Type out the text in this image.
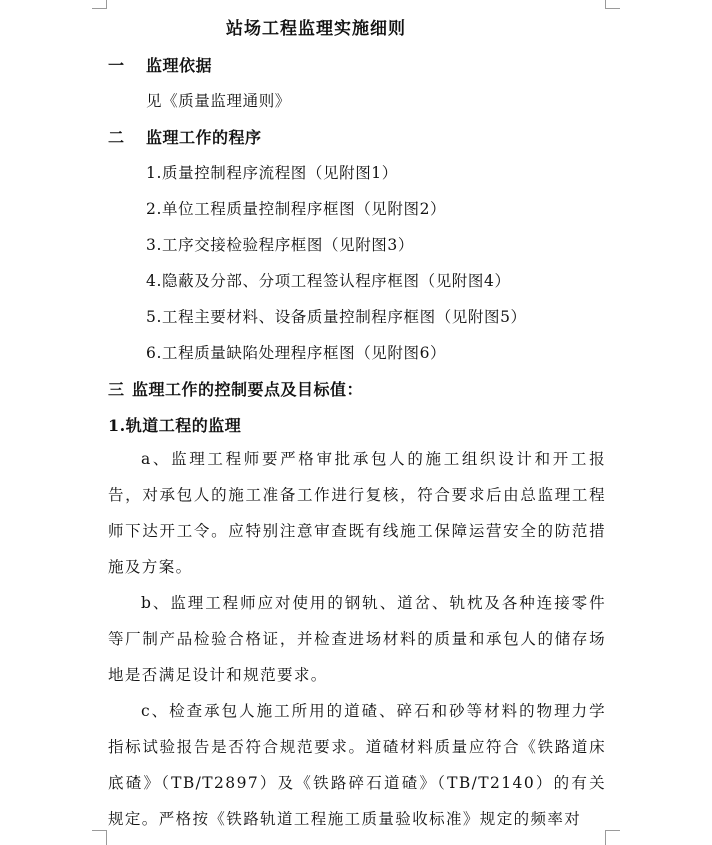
站场工程监理实施细则
一 监理依据
见《质量监理通则》
二 监理工作的程序
1.质量控制程序流程图（见附图1）
2.单位工程质量控制程序框图（见附图2）
3.工序交接检验程序框图（见附图3）
4.隐蔽及分部、分项工程签认程序框图（见附图4）
5.工程主要材料、设备质量控制程序框图（见附图5）
6.工程质量缺陷处理程序框图（见附图6）
三 监理工作的控制要点及目标值：
1.轨道工程的监理
a、监理工程师要严格审批承包人的施工组织设计和开工报告，对承包人的施工准备工作进行复核，符合要求后由总监理工程师下达开工令。应特别注意审查既有线施工保障运营安全的防范措施及方案。
b、监理工程师应对使用的钢轨、道岔、轨枕及各种连接零件等厂制产品检验合格证，并检查进场材料的质量和承包人的储存场地是否满足设计和规范要求。
c、检查承包人施工所用的道碴、碎石和砂等材料的物理力学指标试验报告是否符合规范要求。道碴材料质量应符合《铁路道床底碴》（TB/T2897）及《铁路碎石道碴》（TB/T2140）的有关规定。严格按《铁路轨道工程施工质量验收标准》规定的频率对
